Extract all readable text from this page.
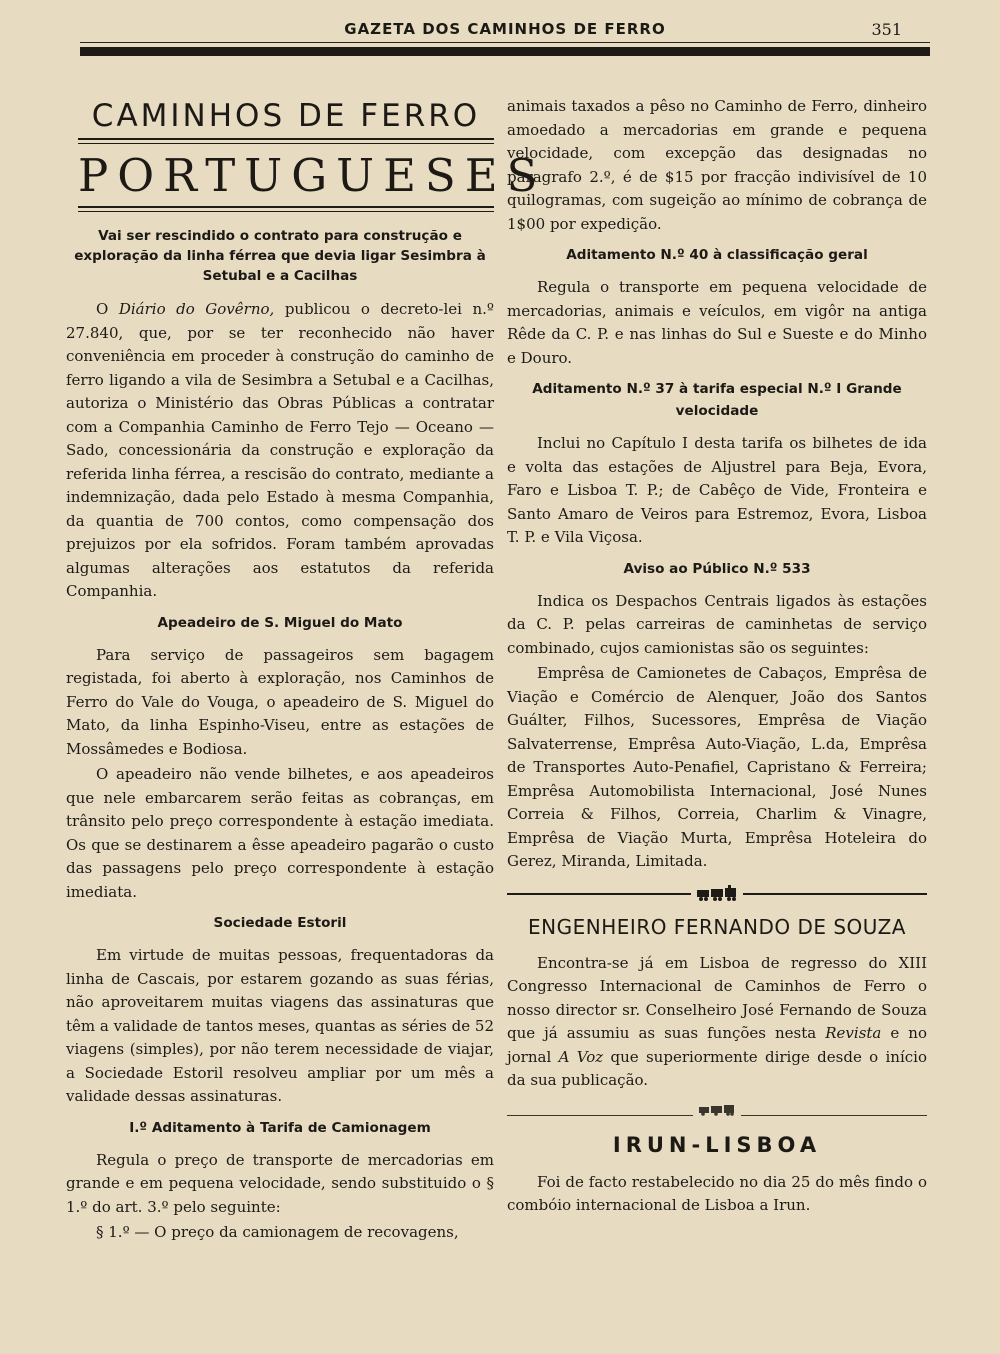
GAZETA DOS CAMINHOS DE FERRO	351
CAMINHOS DE FERRO
PORTUGUESES
Vai ser rescindido o contrato para construção e exploração da linha férrea que devia ligar Sesimbra à Setubal e a Cacilhas

O Diário do Govêrno, publicou o decreto-lei n.º 27.840, que, por se ter reconhecido não haver conveniência em proceder à construção do caminho de ferro ligando a vila de Sesimbra a Setubal e a Cacilhas, autoriza o Ministério das Obras Públicas a contratar com a Companhia Caminho de Ferro Tejo — Oceano — Sado, concessionária da construção e exploração da referida linha férrea, a rescisão do contrato, mediante a indemnização, dada pelo Estado à mesma Companhia, da quantia de 700 contos, como compensação dos prejuizos por ela sofridos. Foram também aprovadas algumas alterações aos estatutos da referida Companhia.

Apeadeiro de S. Miguel do Mato

Para serviço de passageiros sem bagagem registada, foi aberto à exploração, nos Caminhos de Ferro do Vale do Vouga, o apeadeiro de S. Miguel do Mato, da linha Espinho-Viseu, entre as estações de Mossâmedes e Bodiosa.

O apeadeiro não vende bilhetes, e aos apeadeiros que nele embarcarem serão feitas as cobranças, em trânsito pelo preço correspondente à estação imediata. Os que se destinarem a êsse apeadeiro pagarão o custo das passagens pelo preço correspondente à estação imediata.

Sociedade Estoril

Em virtude de muitas pessoas, frequentadoras da linha de Cascais, por estarem gozando as suas férias, não aproveitarem muitas viagens das assinaturas que têm a validade de tantos meses, quantas as séries de 52 viagens (simples), por não terem necessidade de viajar, a Sociedade Estoril resolveu ampliar por um mês a validade dessas assinaturas.

I.º Aditamento à Tarifa de Camionagem

Regula o preço de transporte de mercadorias em grande e em pequena velocidade, sendo substituido o § 1.º do art. 3.º pelo seguinte:

§ 1.º — O preço da camionagem de recovagens,

animais taxados a pêso no Caminho de Ferro, dinheiro amoedado a mercadorias em grande e pequena velocidade, com excepção das designadas no paragrafo 2.º, é de $15 por fracção indivisível de 10 quilogramas, com sugeição ao mínimo de cobrança de 1$00 por expedição.

Aditamento N.º 40 à classificação geral

Regula o transporte em pequena velocidade de mercadorias, animais e veículos, em vigôr na antiga Rêde da C. P. e nas linhas do Sul e Sueste e do Minho e Douro.

Aditamento N.º 37 à tarifa especial N.º I Grande velocidade

Inclui no Capítulo I desta tarifa os bilhetes de ida e volta das estações de Aljustrel para Beja, Evora, Faro e Lisboa T. P.; de Cabêço de Vide, Fronteira e Santo Amaro de Veiros para Estremoz, Evora, Lisboa T. P. e Vila Viçosa.

Aviso ao Público N.º 533

Indica os Despachos Centrais ligados às estações da C. P. pelas carreiras de caminhetas de serviço combinado, cujos camionistas são os seguintes:

Emprêsa de Camionetes de Cabaços, Emprêsa de Viação e Comércio de Alenquer, João dos Santos Guálter, Filhos, Sucessores, Emprêsa de Viação Salvaterrense, Emprêsa Auto-Viação, L.da, Emprêsa de Transportes Auto-Penafiel, Capristano & Ferreira; Emprêsa Automobilista Internacional, José Nunes Correia & Filhos, Correia, Charlim & Vinagre, Emprêsa de Viação Murta, Emprêsa Hoteleira do Gerez, Miranda, Limitada.

ENGENHEIRO FERNANDO DE SOUZA

Encontra-se já em Lisboa de regresso do XIII Congresso Internacional de Caminhos de Ferro o nosso director sr. Conselheiro José Fernando de Souza que já assumiu as suas funções nesta Revista e no jornal A Voz que superiormente dirige desde o início da sua publicação.

IRUN-LISBOA

Foi de facto restabelecido no dia 25 do mês findo o combóio internacional de Lisboa a Irun.
